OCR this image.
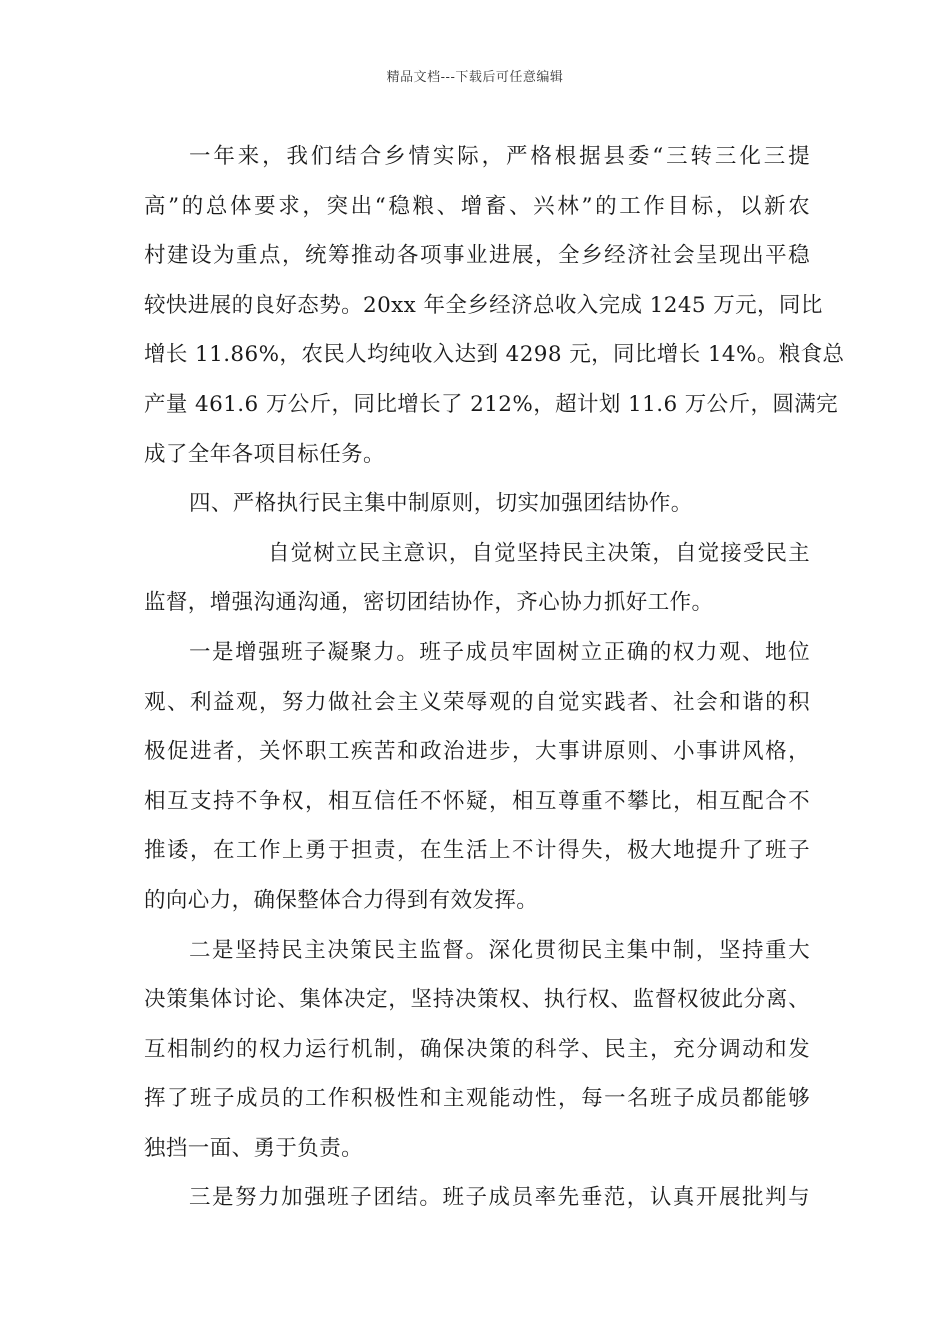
精品文档---下载后可任意编辑
一年来，我们结合乡情实际，严格根据县委“三转三化三提
高”的总体要求，突出“稳粮、增畜、兴林”的工作目标，以新农
村建设为重点，统筹推动各项事业进展，全乡经济社会呈现出平稳
较快进展的良好态势。20xx 年全乡经济总收入完成 1245 万元，同比
增长 11.86%，农民人均纯收入达到 4298 元，同比增长 14%。粮食总
产量 461.6 万公斤，同比增长了 212%，超计划 11.6 万公斤，圆满完
成了全年各项目标任务。
四、严格执行民主集中制原则，切实加强团结协作。
自觉树立民主意识，自觉坚持民主决策，自觉接受民主
监督，增强沟通沟通，密切团结协作，齐心协力抓好工作。
一是增强班子凝聚力。班子成员牢固树立正确的权力观、地位
观、利益观，努力做社会主义荣辱观的自觉实践者、社会和谐的积
极促进者，关怀职工疾苦和政治进步，大事讲原则、小事讲风格，
相互支持不争权，相互信任不怀疑，相互尊重不攀比，相互配合不
推诿，在工作上勇于担责，在生活上不计得失，极大地提升了班子
的向心力，确保整体合力得到有效发挥。
二是坚持民主决策民主监督。深化贯彻民主集中制，坚持重大
决策集体讨论、集体决定，坚持决策权、执行权、监督权彼此分离、
互相制约的权力运行机制，确保决策的科学、民主，充分调动和发
挥了班子成员的工作积极性和主观能动性，每一名班子成员都能够
独挡一面、勇于负责。
三是努力加强班子团结。班子成员率先垂范，认真开展批判与
